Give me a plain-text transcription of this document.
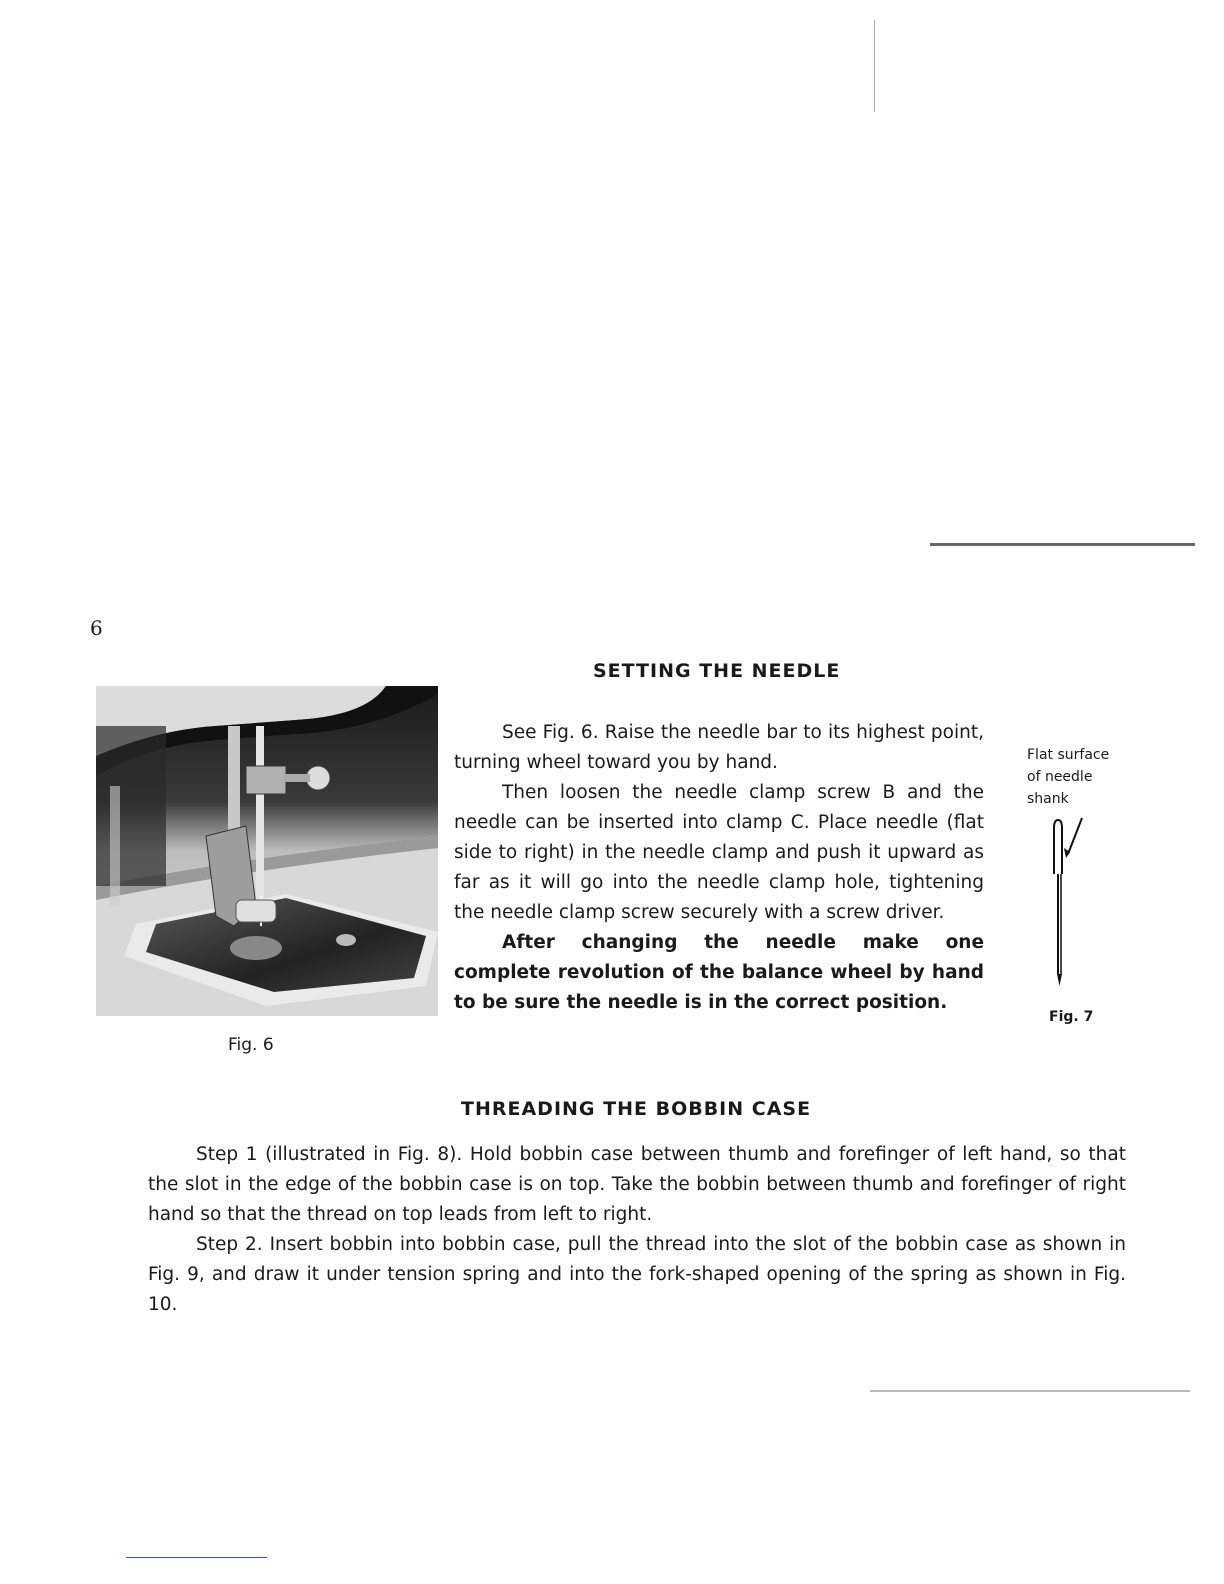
6
SETTING THE NEEDLE
Fig. 6

See Fig. 6. Raise the needle bar to its highest point, turning wheel toward you by hand.

Then loosen the needle clamp screw B and the needle can be inserted into clamp C. Place needle (flat side to right) in the needle clamp and push it upward as far as it will go into the needle clamp hole, tightening the needle clamp screw securely with a screw driver.

After changing the needle make one complete revolution of the balance wheel by hand to be sure the needle is in the correct position.

Flat surface of needle shank
Fig. 7
THREADING THE BOBBIN CASE

Step 1 (illustrated in Fig. 8). Hold bobbin case between thumb and forefinger of left hand, so that the slot in the edge of the bobbin case is on top. Take the bobbin between thumb and forefinger of right hand so that the thread on top leads from left to right.

Step 2. Insert bobbin into bobbin case, pull the thread into the slot of the bobbin case as shown in Fig. 9, and draw it under tension spring and into the fork-shaped opening of the spring as shown in Fig. 10.
